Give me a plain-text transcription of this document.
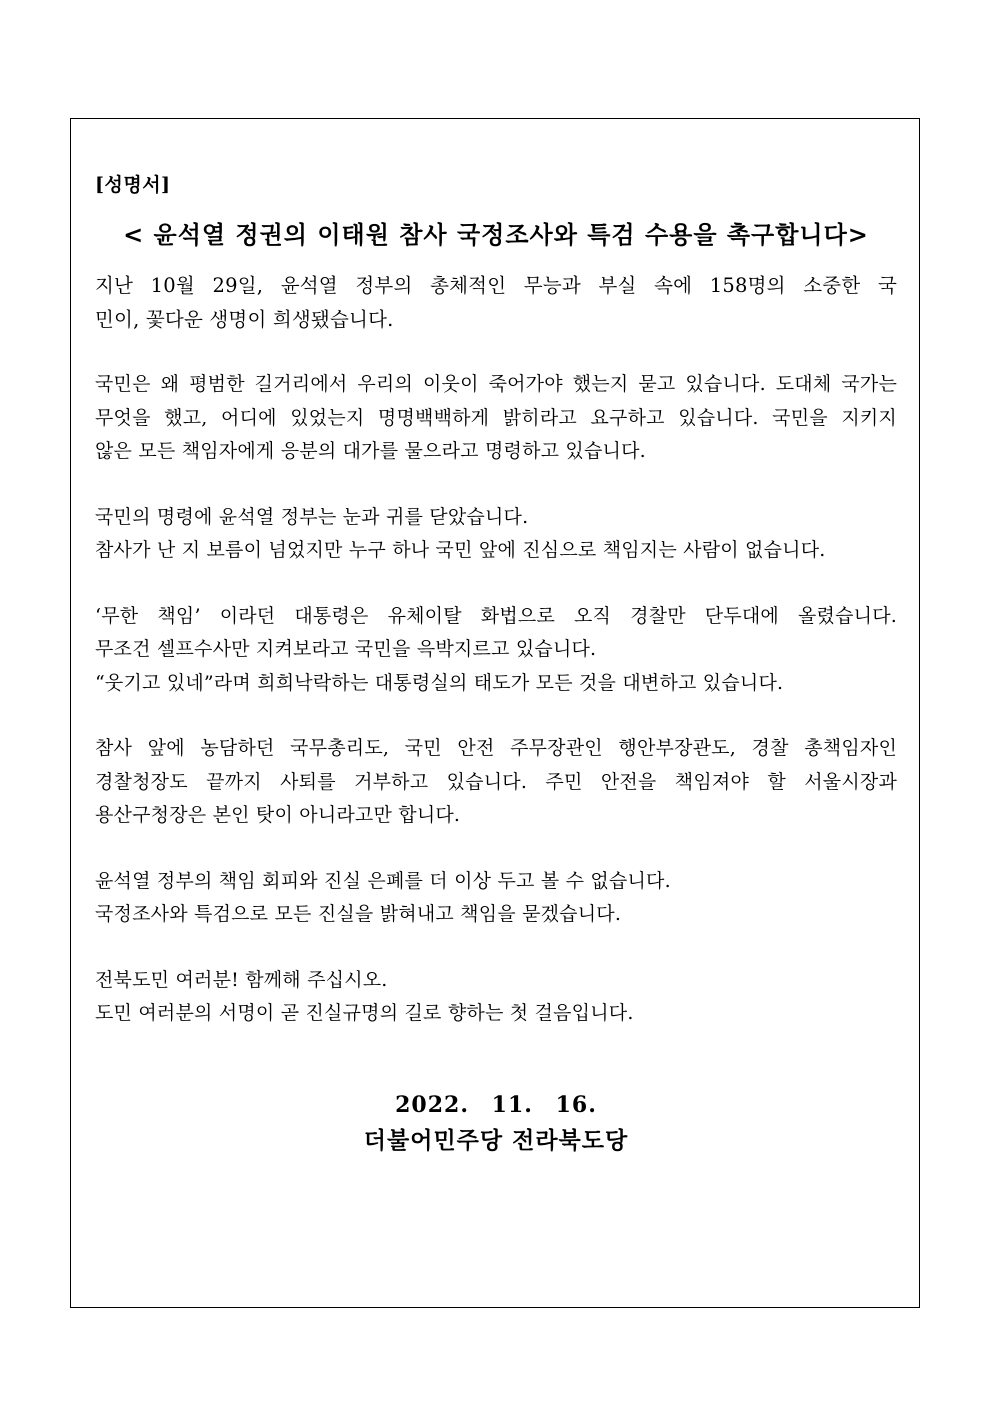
[성명서]

< 윤석열 정권의 이태원 참사 국정조사와 특검 수용을 촉구합니다>

지난 10월 29일, 윤석열 정부의 총체적인 무능과 부실 속에 158명의 소중한 국
민이, 꽃다운 생명이 희생됐습니다.

국민은 왜 평범한 길거리에서 우리의 이웃이 죽어가야 했는지 묻고 있습니다. 도대체 국가는
무엇을 했고, 어디에 있었는지 명명백백하게 밝히라고 요구하고 있습니다. 국민을 지키지
않은 모든 책임자에게 응분의 대가를 물으라고 명령하고 있습니다.

국민의 명령에 윤석열 정부는 눈과 귀를 닫았습니다.
참사가 난 지 보름이 넘었지만 누구 하나 국민 앞에 진심으로 책임지는 사람이 없습니다.

‘무한 책임’ 이라던 대통령은 유체이탈 화법으로 오직 경찰만 단두대에 올렸습니다.
무조건 셀프수사만 지켜보라고 국민을 윽박지르고 있습니다.
“웃기고 있네”라며 희희낙락하는 대통령실의 태도가 모든 것을 대변하고 있습니다.

참사 앞에 농담하던 국무총리도, 국민 안전 주무장관인 행안부장관도, 경찰 총책임자인
경찰청장도 끝까지 사퇴를 거부하고 있습니다. 주민 안전을 책임져야 할 서울시장과
용산구청장은 본인 탓이 아니라고만 합니다.

윤석열 정부의 책임 회피와 진실 은폐를 더 이상 두고 볼 수 없습니다.
국정조사와 특검으로 모든 진실을 밝혀내고 책임을 묻겠습니다.

전북도민 여러분! 함께해 주십시오.
도민 여러분의 서명이 곧 진실규명의 길로 향하는 첫 걸음입니다.

2022. 11. 16.
더불어민주당 전라북도당
